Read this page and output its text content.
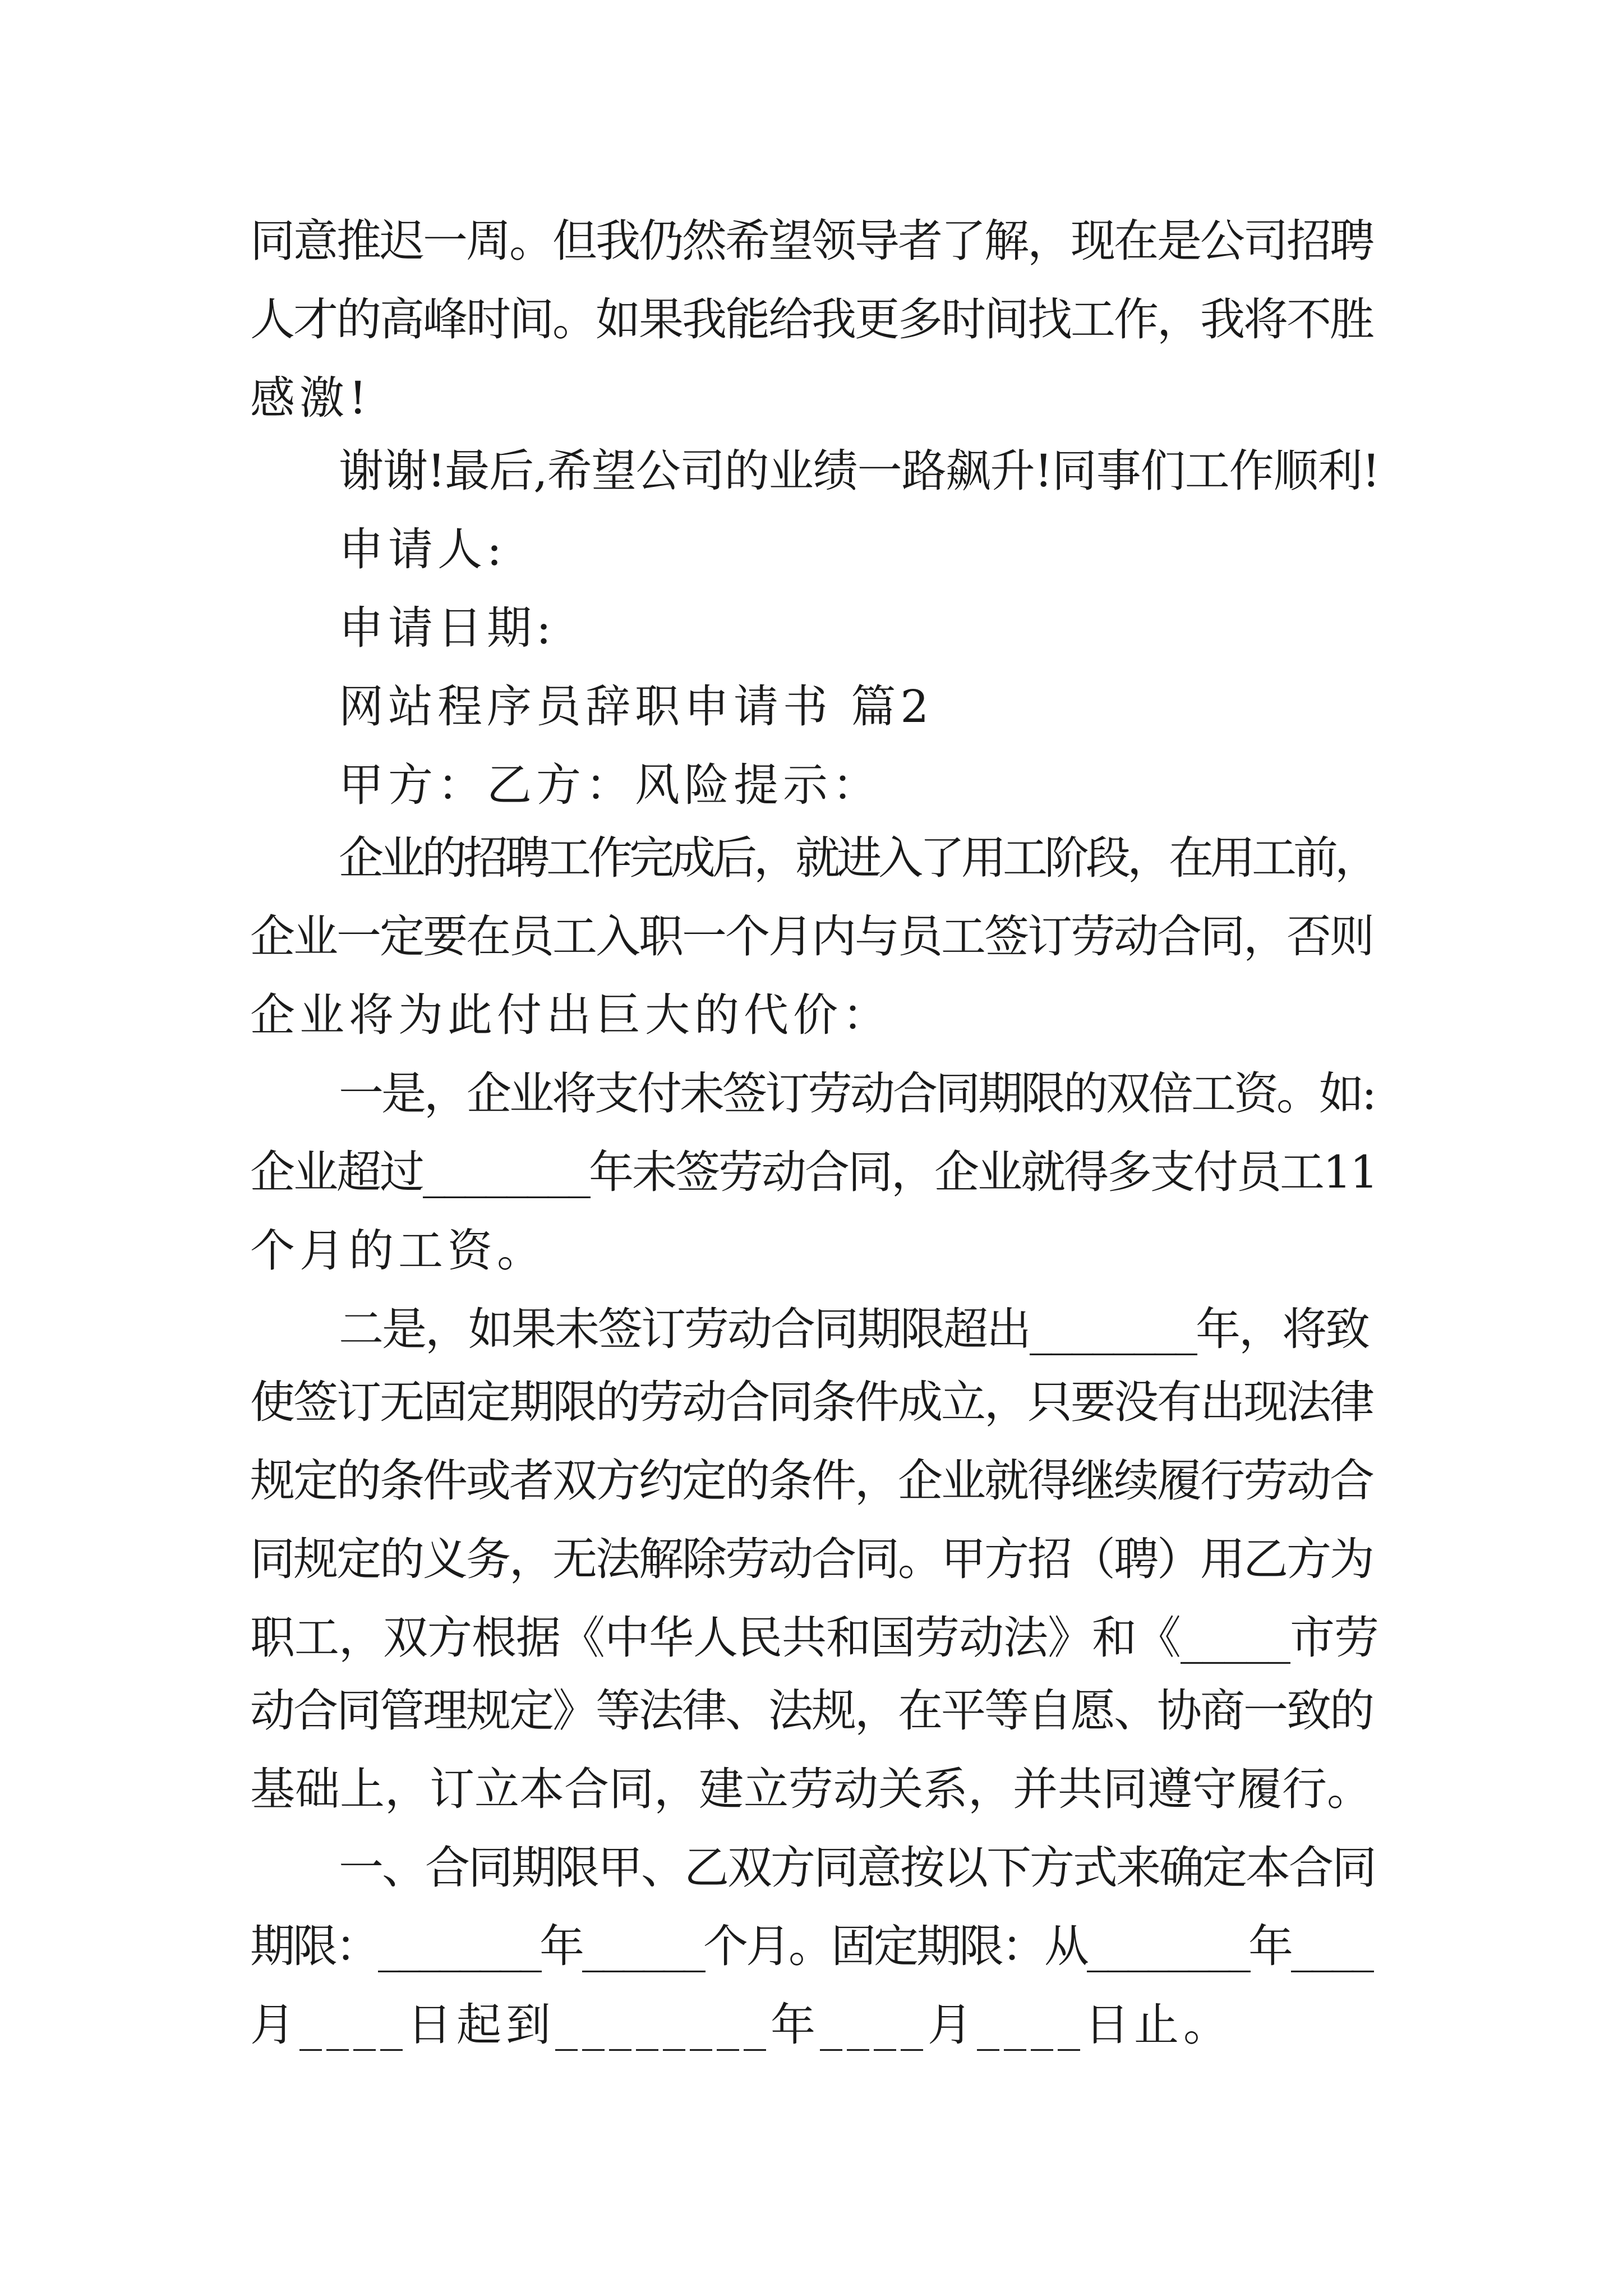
同意推迟一周。但我仍然希望领导者了解，现在是公司招聘
人才的高峰时间。如果我能给我更多时间找工作，我将不胜
感激!
谢谢!最后,希望公司的业绩一路飙升!同事们工作顺利!
申请人:
申请日期:
网站程序员辞职申请书 篇2
甲方：乙方：风险提示：
企业的招聘工作完成后，就进入了用工阶段，在用工前，
企业一定要在员工入职一个月内与员工签订劳动合同，否则
企业将为此付出巨大的代价：
一是，企业将支付未签订劳动合同期限的双倍工资。如:
企业超过________年未签劳动合同，企业就得多支付员工11
个月的工资。
二是，如果未签订劳动合同期限超出________年，将致
使签订无固定期限的劳动合同条件成立，只要没有出现法律
规定的条件或者双方约定的条件，企业就得继续履行劳动合
同规定的义务，无法解除劳动合同。甲方招（聘）用乙方为
职工，双方根据《中华人民共和国劳动法》和《_____市劳
动合同管理规定》等法律、法规，在平等自愿、协商一致的
基础上，订立本合同，建立劳动关系，并共同遵守履行。
一、合同期限甲、乙双方同意按以下方式来确定本合同
期限：________年______个月。固定期限：从________年____
月____日起到________年____月____日止。
